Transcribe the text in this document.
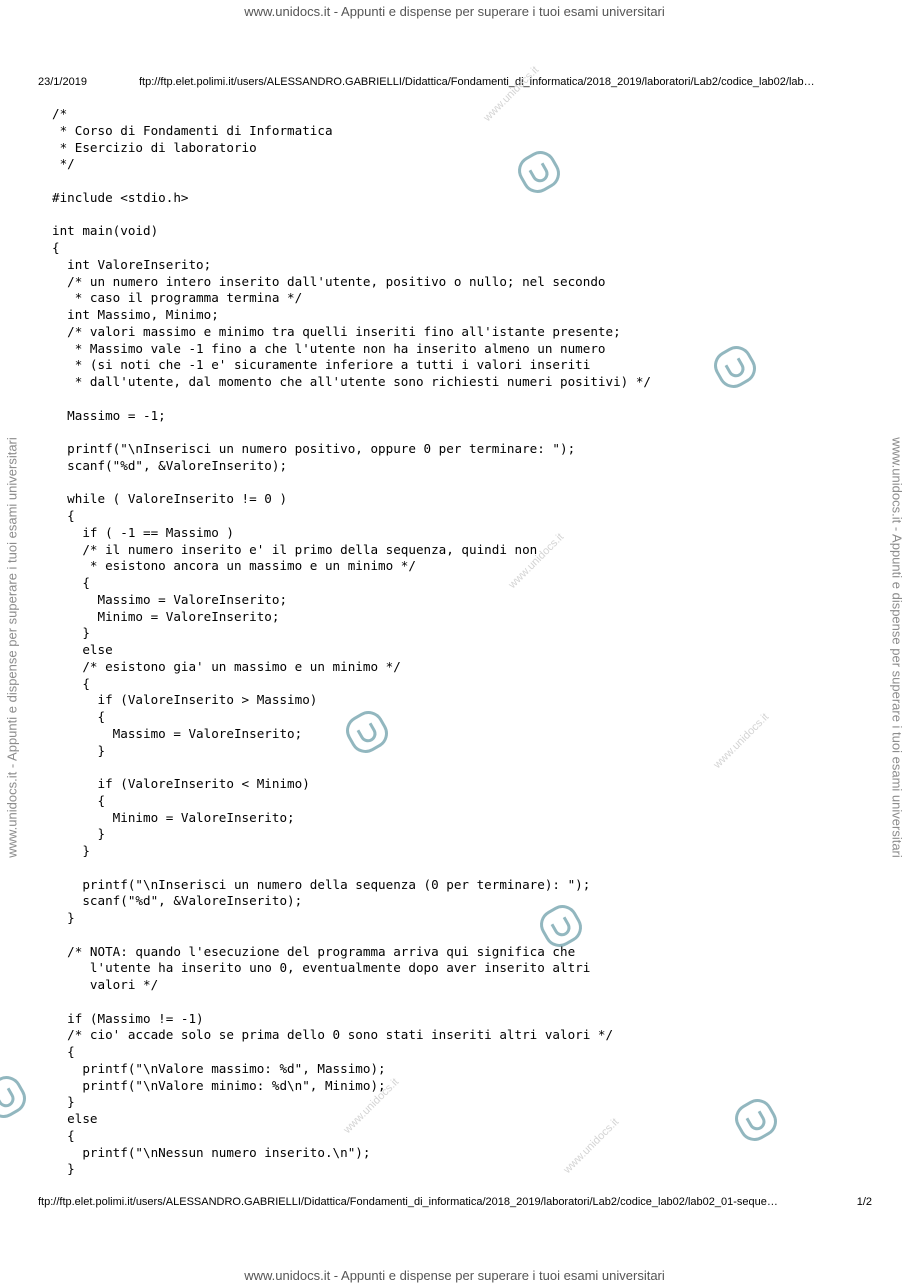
www.unidocs.it - Appunti e dispense per superare i tuoi esami universitari
23/1/2019	ftp://ftp.elet.polimi.it/users/ALESSANDRO.GABRIELLI/Didattica/Fondamenti_di_informatica/2018_2019/laboratori/Lab2/codice_lab02/lab…
www.unidocs.it
www.unidocs.it
www.unidocs.it
www.unidocs.it
www.unidocs.it
www.unidocs.it - Appunti e dispense per superare i tuoi esami universitari	www.unidocs.it - Appunti e dispense per superare i tuoi esami universitari
/*
* Corso di Fondamenti di Informatica
* Esercizio di laboratorio
*/

#include <stdio.h>

int main(void)
{
int ValoreInserito;
/* un numero intero inserito dall'utente, positivo o nullo; nel secondo
* caso il programma termina */
int Massimo, Minimo;
/* valori massimo e minimo tra quelli inseriti fino all'istante presente;
* Massimo vale -1 fino a che l'utente non ha inserito almeno un numero
* (si noti che -1 e' sicuramente inferiore a tutti i valori inseriti
* dall'utente, dal momento che all'utente sono richiesti numeri positivi) */

Massimo = -1;

printf("\nInserisci un numero positivo, oppure 0 per terminare: ");
scanf("%d", &ValoreInserito);

while ( ValoreInserito != 0 )
{
if ( -1 == Massimo )
/* il numero inserito e' il primo della sequenza, quindi non
* esistono ancora un massimo e un minimo */
{
Massimo = ValoreInserito;
Minimo = ValoreInserito;
}
else
/* esistono gia' un massimo e un minimo */
{
if (ValoreInserito > Massimo)
{
Massimo = ValoreInserito;
}

if (ValoreInserito < Minimo)
{
Minimo = ValoreInserito;
}
}

printf("\nInserisci un numero della sequenza (0 per terminare): ");
scanf("%d", &ValoreInserito);
}

/* NOTA: quando l'esecuzione del programma arriva qui significa che
l'utente ha inserito uno 0, eventualmente dopo aver inserito altri
valori */

if (Massimo != -1)
/* cio' accade solo se prima dello 0 sono stati inseriti altri valori */
{
printf("\nValore massimo: %d", Massimo);
printf("\nValore minimo: %d\n", Minimo);
}
else
{
printf("\nNessun numero inserito.\n");
}
ftp://ftp.elet.polimi.it/users/ALESSANDRO.GABRIELLI/Didattica/Fondamenti_di_informatica/2018_2019/laboratori/Lab2/codice_lab02/lab02_01-seque…	1/2
www.unidocs.it - Appunti e dispense per superare i tuoi esami universitari
